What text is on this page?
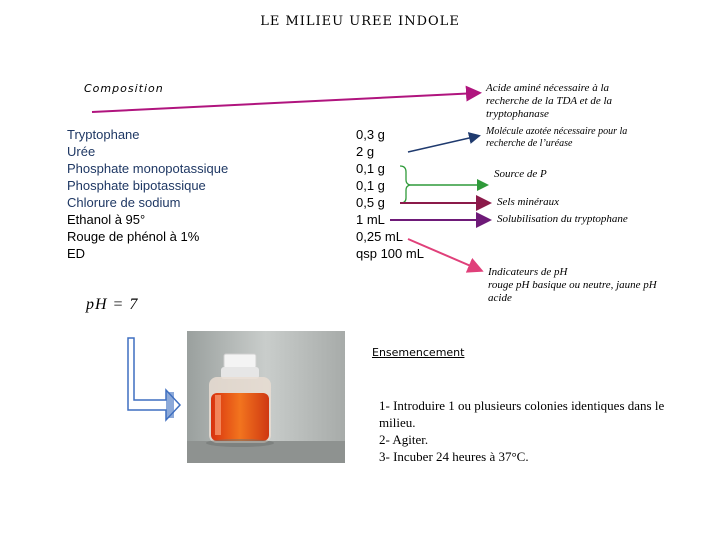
LE MILIEU UREE INDOLE
Composition
Tryptophane
Urée
Phosphate monopotassique
Phosphate bipotassique
Chlorure de sodium
Ethanol à 95°
Rouge de phénol à 1%
ED
0,3 g
2 g
0,1 g
0,1 g
0,5 g
1 mL
0,25 mL
qsp 100 mL
Acide aminé nécessaire à la recherche de la TDA et de la tryptophanase
Molécule azotée nécessaire pour la recherche de l’uréase
Source de P
Sels minéraux
Solubilisation du tryptophane
Indicateurs de pH
rouge pH basique ou neutre, jaune pH acide
pH = 7
Ensemencement
1- Introduire 1 ou plusieurs colonies identiques dans le milieu.
2- Agiter.
3- Incuber 24 heures à 37°C.
